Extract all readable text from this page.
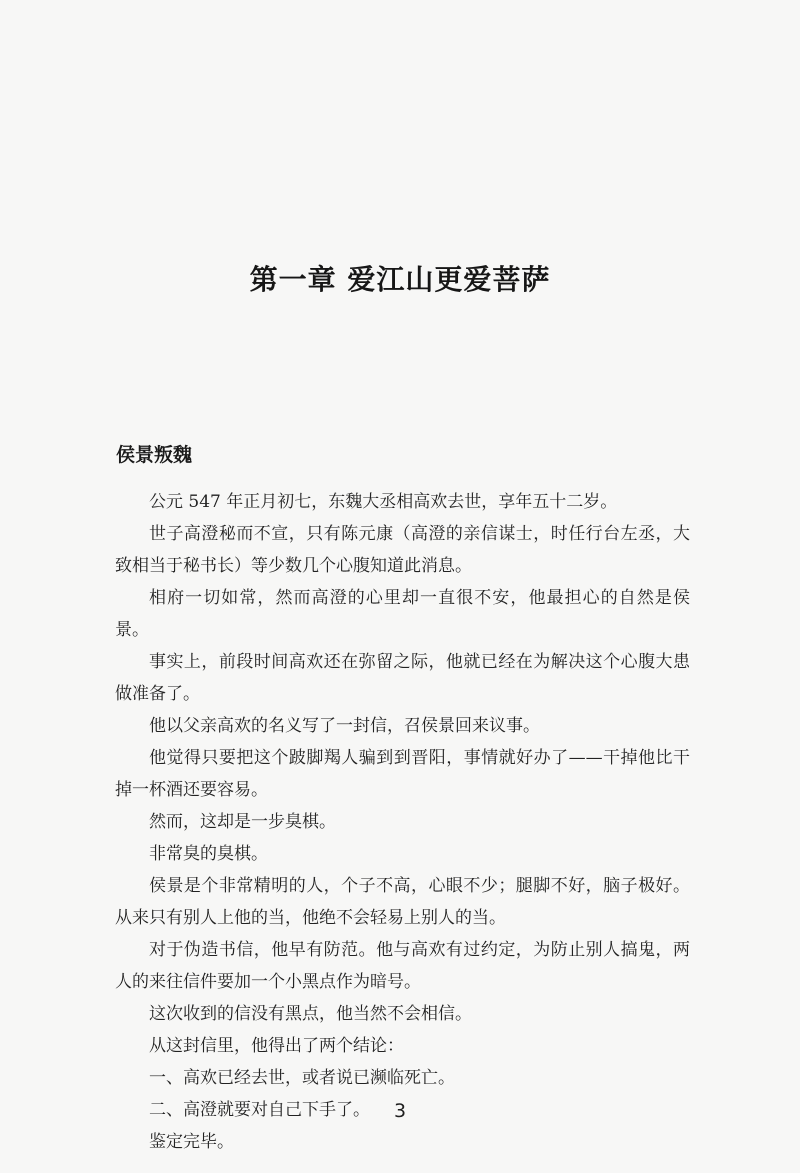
第一章 爱江山更爱菩萨
侯景叛魏

公元 547 年正月初七，东魏大丞相高欢去世，享年五十二岁。

世子高澄秘而不宣，只有陈元康（高澄的亲信谋士，时任行台左丞，大致相当于秘书长）等少数几个心腹知道此消息。

相府一切如常，然而高澄的心里却一直很不安，他最担心的自然是侯景。

事实上，前段时间高欢还在弥留之际，他就已经在为解决这个心腹大患做准备了。

他以父亲高欢的名义写了一封信，召侯景回来议事。

他觉得只要把这个跛脚羯人骗到到晋阳，事情就好办了——干掉他比干掉一杯酒还要容易。

然而，这却是一步臭棋。

非常臭的臭棋。

侯景是个非常精明的人，个子不高，心眼不少；腿脚不好，脑子极好。从来只有别人上他的当，他绝不会轻易上别人的当。

对于伪造书信，他早有防范。他与高欢有过约定，为防止别人搞鬼，两人的来往信件要加一个小黑点作为暗号。

这次收到的信没有黑点，他当然不会相信。

从这封信里，他得出了两个结论：

一、高欢已经去世，或者说已濒临死亡。

二、高澄就要对自己下手了。

鉴定完毕。

3
